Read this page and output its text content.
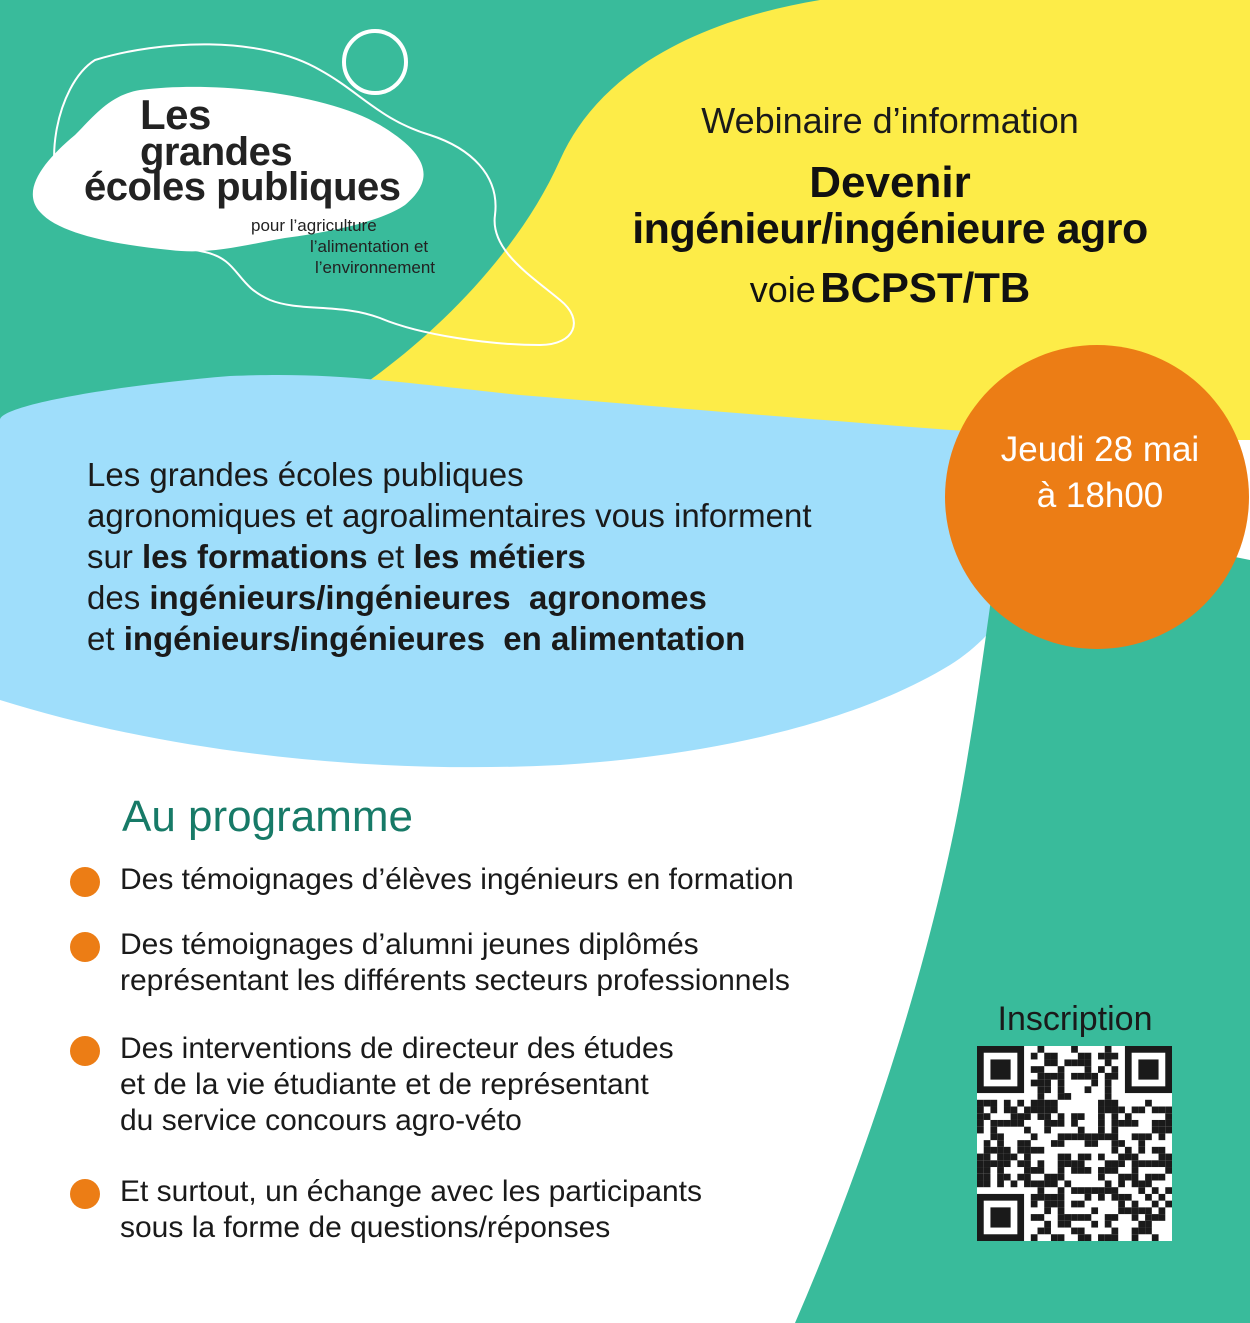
Les
grandes
écoles publiques
pour l’agriculture
l’alimentation et
l’environnement
Webinaire d’information
Devenir
ingénieur/ingénieure agro
voie BCPST/TB
Jeudi 28 mai
à 18h00
Les grandes écoles publiques
agronomiques et agroalimentaires vous informent
sur les formations et les métiers
des ingénieurs/ingénieures  agronomes
et ingénieurs/ingénieures  en alimentation
Au programme
Des témoignages d’élèves ingénieurs en formation
Des témoignages d’alumni jeunes diplômés
représentant les différents secteurs professionnels
Des interventions de directeur des études
et de la vie étudiante et de représentant
du service concours agro-véto
Et surtout, un échange avec les participants
sous la forme de questions/réponses
Inscription
